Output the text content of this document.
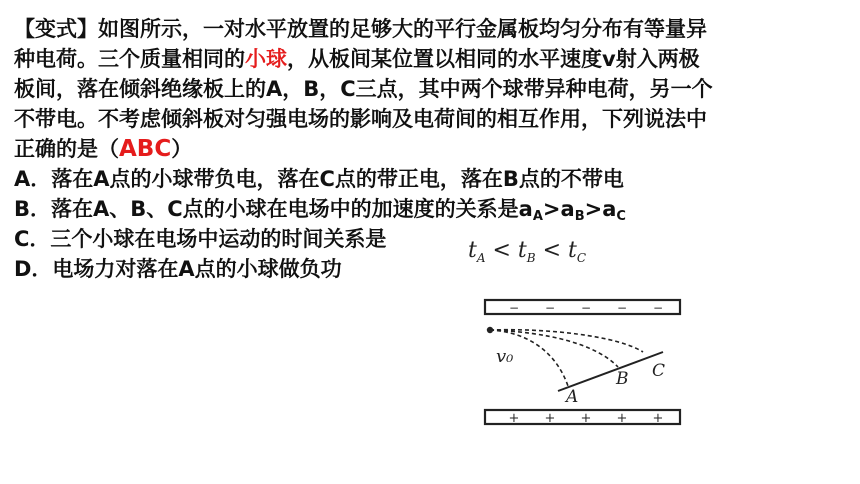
【变式】如图所示，一对水平放置的足够大的平行金属板均匀分布有等量异
种电荷。三个质量相同的小球，从板间某位置以相同的水平速度v射入两极
板间，落在倾斜绝缘板上的A，B，C三点，其中两个球带异种电荷，另一个
不带电。不考虑倾斜板对匀强电场的影响及电荷间的相互作用，下列说法中
正确的是（ABC）
A．落在A点的小球带负电，落在C点的带正电，落在B点的不带电
B．落在A、B、C点的小球在电场中的加速度的关系是$a_A>a_B>a_C$
C．三个小球在电场中运动的时间关系是
D．电场力对落在A点的小球做负功
$t_A < t_B < t_C$
− − − − −
v₀
A
B C
+ + + + +
